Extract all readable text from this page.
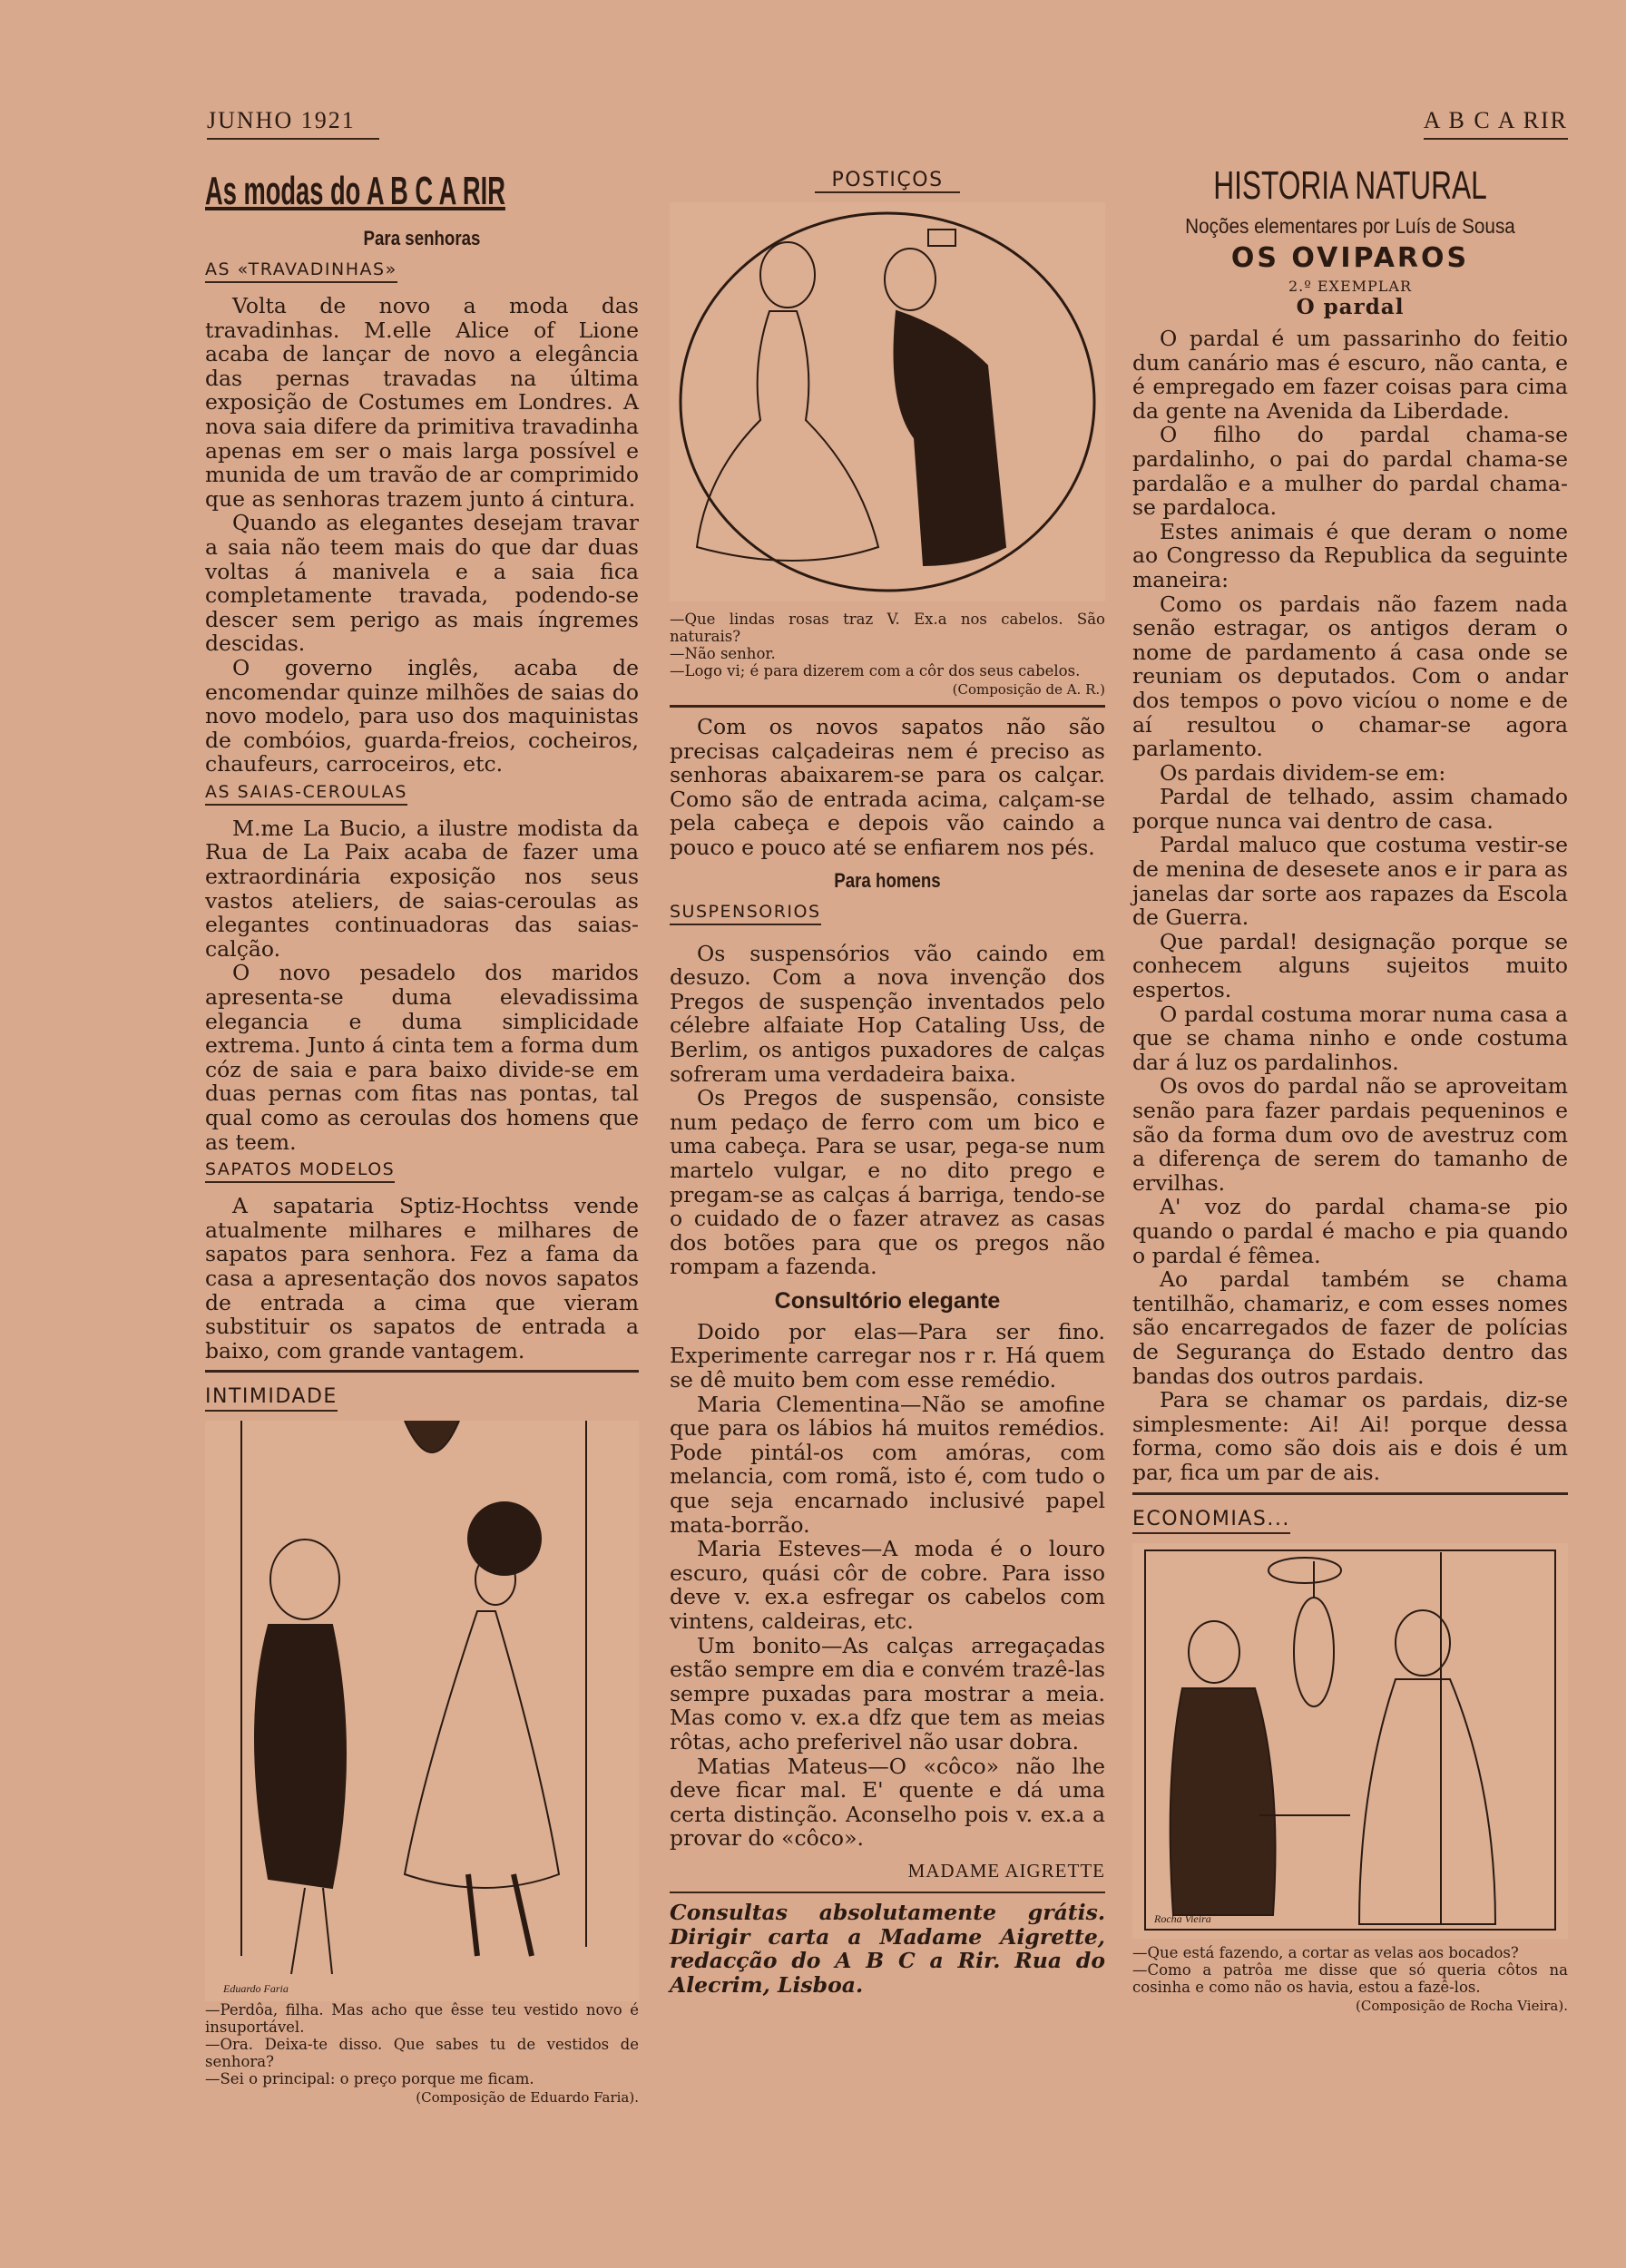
JUNHO 1921	A B C A RIR
As modas do A B C A RIR
Para senhoras
AS «TRAVADINHAS»

Volta de novo a moda das travadinhas. M.elle Alice of Lione acaba de lançar de novo a elegância das pernas travadas na última exposição de Costumes em Londres. A nova saia difere da primitiva travadinha apenas em ser o mais larga possível e munida de um travão de ar comprimido que as senhoras trazem junto á cintura.

Quando as elegantes desejam travar a saia não teem mais do que dar duas voltas á manivela e a saia fica completamente travada, podendo-se descer sem perigo as mais íngremes descidas.

O governo inglês, acaba de encomendar quinze milhões de saias do novo modelo, para uso dos maquinistas de combóios, guarda-freios, cocheiros, chaufeurs, carroceiros, etc.

AS SAIAS-CEROULAS

M.me La Bucio, a ilustre modista da Rua de La Paix acaba de fazer uma extraordinária exposição nos seus vastos ateliers, de saias-ceroulas as elegantes continuadoras das saias-calção.

O novo pesadelo dos maridos apresenta-se duma elevadissima elegancia e duma simplicidade extrema. Junto á cinta tem a forma dum cóz de saia e para baixo divide-se em duas pernas com fitas nas pontas, tal qual como as ceroulas dos homens que as teem.

SAPATOS MODELOS

A sapataria Sptiz-Hochtss vende atualmente milhares e milhares de sapatos para senhora. Fez a fama da casa a apresentação dos novos sapatos de entrada a cima que vieram substituir os sapatos de entrada a baixo, com grande vantagem.

INTIMIDADE
Eduardo Faria

—Perdôa, filha. Mas acho que êsse teu vestido novo é insuportável.

—Ora. Deixa-te disso. Que sabes tu de vestidos de senhora?

—Sei o principal: o preço porque me ficam.

(Composição de Eduardo Faria).

POSTIÇOS

—Que lindas rosas traz V. Ex.a nos cabelos. São naturais?

—Não senhor.

—Logo vi; é para dizerem com a côr dos seus cabelos.

(Composição de A. R.)

Com os novos sapatos não são precisas calçadeiras nem é preciso as senhoras abaixarem-se para os calçar. Como são de entrada acima, calçam-se pela cabeça e depois vão caindo a pouco e pouco até se enfiarem nos pés.

Para homens
SUSPENSORIOS

Os suspensórios vão caindo em desuzo. Com a nova invenção dos Pregos de suspenção inventados pelo célebre alfaiate Hop Cataling Uss, de Berlim, os antigos puxadores de calças sofreram uma verdadeira baixa.

Os Pregos de suspensão, consiste num pedaço de ferro com um bico e uma cabeça. Para se usar, pega-se num martelo vulgar, e no dito prego e pregam-se as calças á barriga, tendo-se o cuidado de o fazer atravez as casas dos botões para que os pregos não rompam a fazenda.

Consultório elegante

Doido por elas—Para ser fino. Experimente carregar nos r r. Há quem se dê muito bem com esse remédio.

Maria Clementina—Não se amofine que para os lábios há muitos remédios. Pode pintál-os com amóras, com melancia, com romã, isto é, com tudo o que seja encarnado inclusivé papel mata-borrão.

Maria Esteves—A moda é o louro escuro, quási côr de cobre. Para isso deve v. ex.a esfregar os cabelos com vintens, caldeiras, etc.

Um bonito—As calças arregaçadas estão sempre em dia e convém trazê-las sempre puxadas para mostrar a meia. Mas como v. ex.a dfz que tem as meias rôtas, acho preferivel não usar dobra.

Matias Mateus—O «côco» não lhe deve ficar mal. E' quente e dá uma certa distinção. Aconselho pois v. ex.a a provar do «côco».

MADAME AIGRETTE

Consultas absolutamente grátis. Dirigir carta a Madame Aigrette, redacção do A B C a Rir. Rua do Alecrim, Lisboa.

HISTORIA NATURAL
Noções elementares por Luís de Sousa
OS OVIPAROS
2.º EXEMPLAR
O pardal

O pardal é um passarinho do feitio dum canário mas é escuro, não canta, e é empregado em fazer coisas para cima da gente na Avenida da Liberdade.

O filho do pardal chama-se pardalinho, o pai do pardal chama-se pardalão e a mulher do pardal chama-se pardaloca.

Estes animais é que deram o nome ao Congresso da Republica da seguinte maneira:

Como os pardais não fazem nada senão estragar, os antigos deram o nome de pardamento á casa onde se reuniam os deputados. Com o andar dos tempos o povo vicíou o nome e de aí resultou o chamar-se agora parlamento.

Os pardais dividem-se em:

Pardal de telhado, assim chamado porque nunca vai dentro de casa.

Pardal maluco que costuma vestir-se de menina de desesete anos e ir para as janelas dar sorte aos rapazes da Escola de Guerra.

Que pardal! designação porque se conhecem alguns sujeitos muito espertos.

O pardal costuma morar numa casa a que se chama ninho e onde costuma dar á luz os pardalinhos.

Os ovos do pardal não se aproveitam senão para fazer pardais pequeninos e são da forma dum ovo de avestruz com a diferença de serem do tamanho de ervilhas.

A' voz do pardal chama-se pio quando o pardal é macho e pia quando o pardal é fêmea.

Ao pardal também se chama tentilhão, chamariz, e com esses nomes são encarregados de fazer de polícias de Segurança do Estado dentro das bandas dos outros pardais.

Para se chamar os pardais, diz-se simplesmente: Ai! Ai! porque dessa forma, como são dois ais e dois é um par, fica um par de ais.

ECONOMIAS...
Rocha Vieira

—Que está fazendo, a cortar as velas aos bocados?

—Como a patrôa me disse que só queria côtos na cosinha e como não os havia, estou a fazê-los.

(Composição de Rocha Vieira).
